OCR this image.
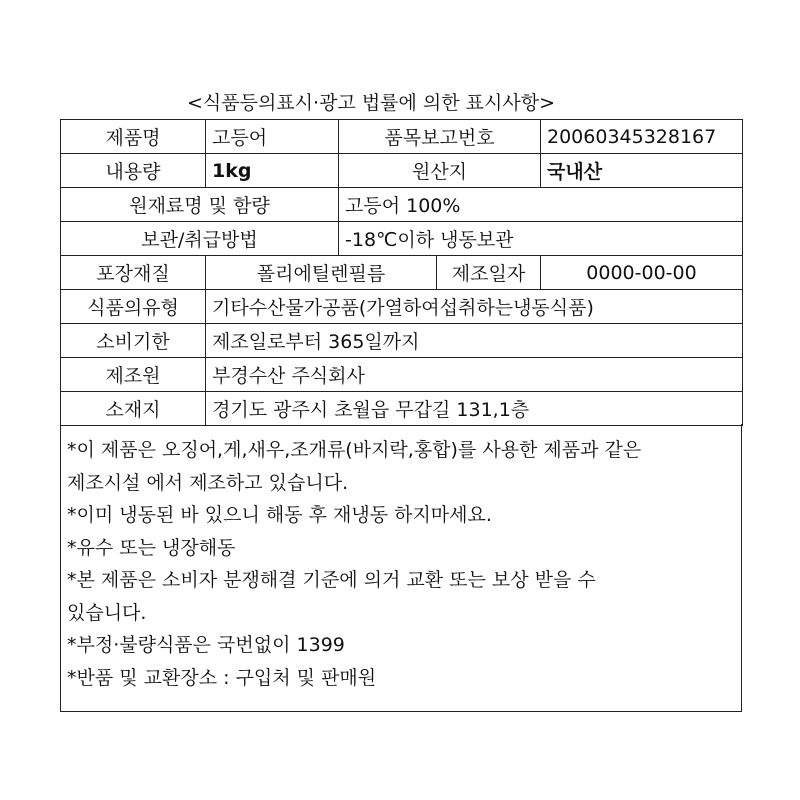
<식품등의표시·광고 법률에 의한 표시사항>
제품명	고등어	품목보고번호		20060345328167
내용량	1kg	원산지		국내산
원재료명 및 함량		고등어 100%		
보관/취급방법		-18℃이하 냉동보관		
포장재질	폴리에틸렌필름		제조일자	0000-00-00
식품의유형	기타수산물가공품(가열하여섭취하는냉동식품)			
소비기한	제조일로부터 365일까지			
제조원	부경수산 주식회사			
소재지	경기도 광주시 초월읍 무갑길 131,1층			

*이 제품은 오징어,게,새우,조개류(바지락,홍합)를 사용한 제품과 같은

제조시설 에서 제조하고 있습니다.

*이미 냉동된 바 있으니 해동 후 재냉동 하지마세요.

*유수 또는 냉장해동

*본 제품은 소비자 분쟁해결 기준에 의거 교환 또는 보상 받을 수

있습니다.

*부정·불량식품은 국번없이 1399

*반품 및 교환장소 : 구입처 및 판매원
